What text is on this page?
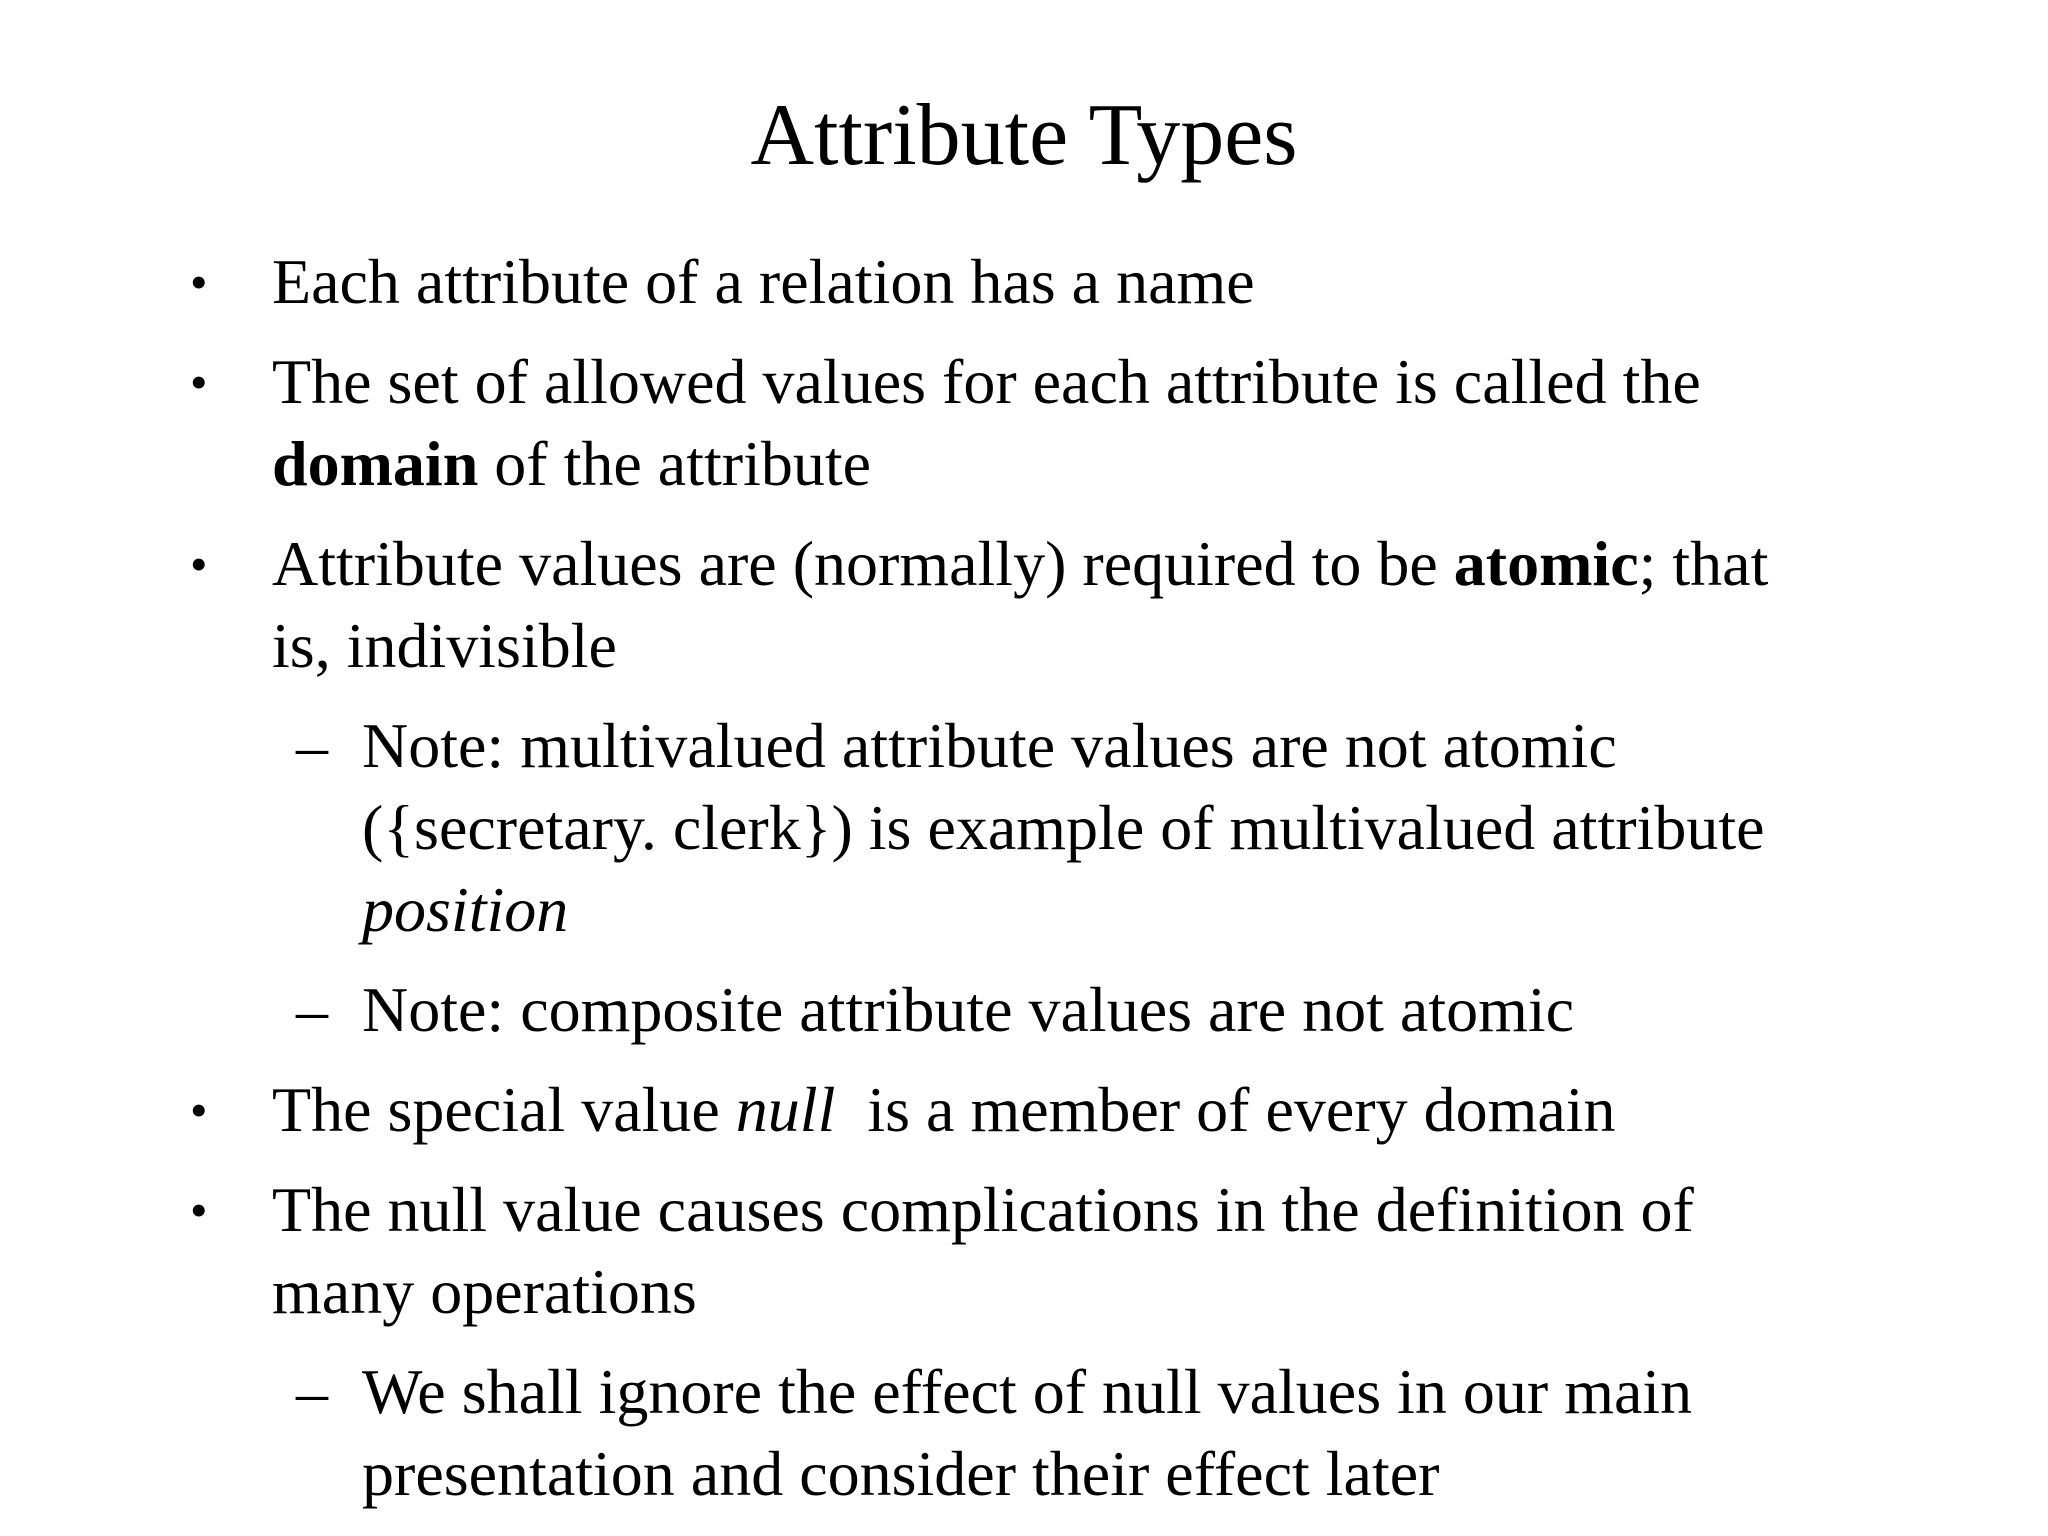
Attribute Types
• Each attribute of a relation has a name
• The set of allowed values for each attribute is called the
domain of the attribute
• Attribute values are (normally) required to be atomic; that
is, indivisible
– Note: multivalued attribute values are not atomic
({secretary. clerk}) is example of multivalued attribute
position
– Note: composite attribute values are not atomic
• The special value null  is a member of every domain
• The null value causes complications in the definition of
many operations
– We shall ignore the effect of null values in our main
presentation and consider their effect later
